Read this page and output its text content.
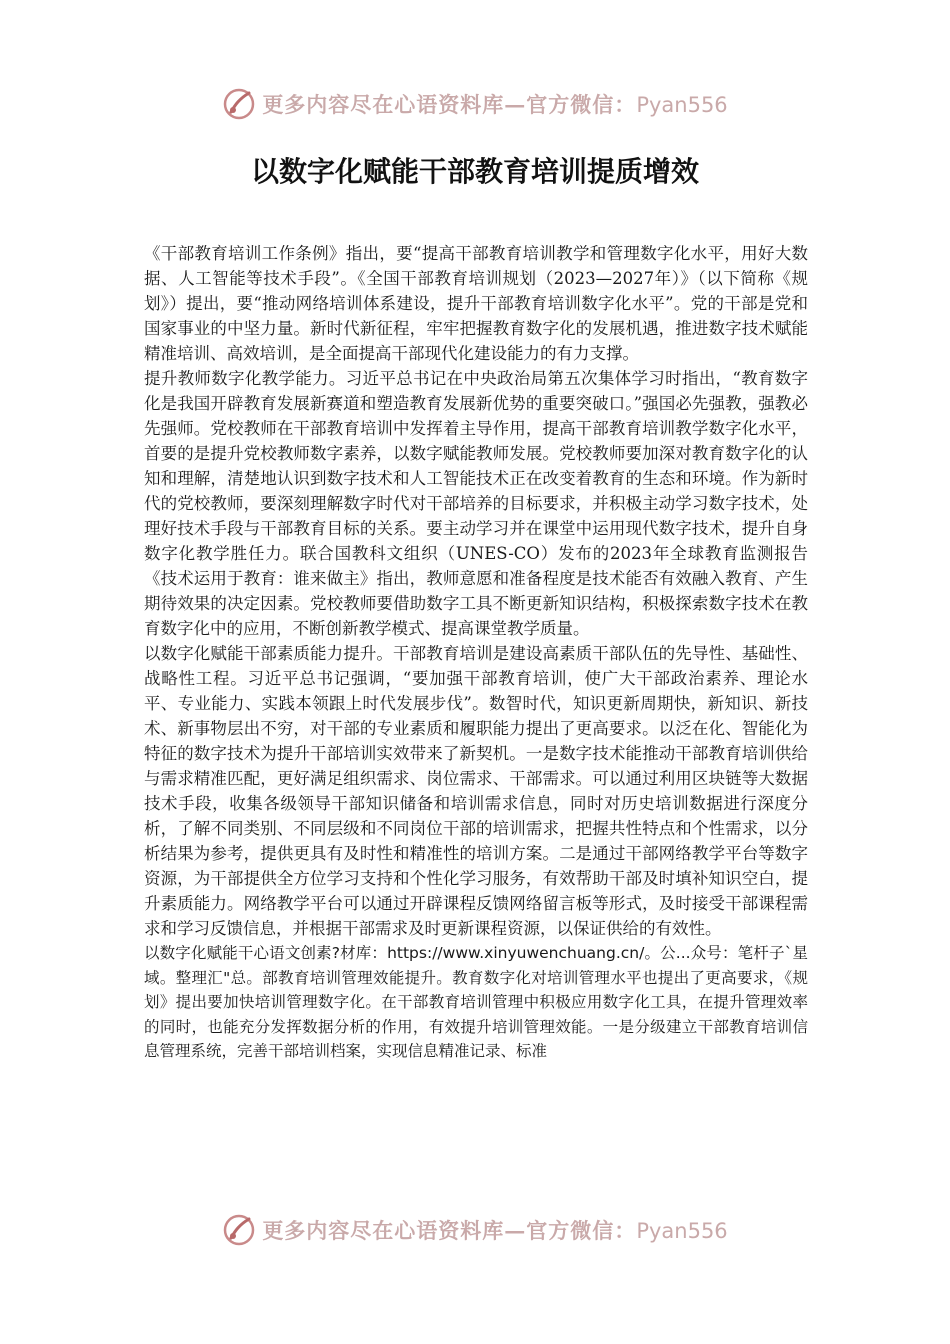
更多内容尽在心语资料库—官方微信：Pyan556
以数字化赋能干部教育培训提质增效

《干部教育培训工作条例》指出，要“提高干部教育培训教学和管理数字化水平，用好大数据、人工智能等技术手段”。《全国干部教育培训规划（2023—2027年）》（以下简称《规划》）提出，要“推动网络培训体系建设，提升干部教育培训数字化水平”。党的干部是党和国家事业的中坚力量。新时代新征程，牢牢把握教育数字化的发展机遇，推进数字技术赋能精准培训、高效培训，是全面提高干部现代化建设能力的有力支撑。

提升教师数字化教学能力。习近平总书记在中央政治局第五次集体学习时指出，“教育数字化是我国开辟教育发展新赛道和塑造教育发展新优势的重要突破口。”强国必先强教，强教必先强师。党校教师在干部教育培训中发挥着主导作用，提高干部教育培训教学数字化水平，首要的是提升党校教师数字素养，以数字赋能教师发展。党校教师要加深对教育数字化的认知和理解，清楚地认识到数字技术和人工智能技术正在改变着教育的生态和环境。作为新时代的党校教师，要深刻理解数字时代对干部培养的目标要求，并积极主动学习数字技术，处理好技术手段与干部教育目标的关系。要主动学习并在课堂中运用现代数字技术，提升自身数字化教学胜任力。联合国教科文组织（UNES-CO）发布的2023年全球教育监测报告《技术运用于教育：谁来做主》指出，教师意愿和准备程度是技术能否有效融入教育、产生期待效果的决定因素。党校教师要借助数字工具不断更新知识结构，积极探索数字技术在教育数字化中的应用，不断创新教学模式、提高课堂教学质量。

以数字化赋能干部素质能力提升。干部教育培训是建设高素质干部队伍的先导性、基础性、战略性工程。习近平总书记强调，“要加强干部教育培训，使广大干部政治素养、理论水平、专业能力、实践本领跟上时代发展步伐”。数智时代，知识更新周期快，新知识、新技术、新事物层出不穷，对干部的专业素质和履职能力提出了更高要求。以泛在化、智能化为特征的数字技术为提升干部培训实效带来了新契机。一是数字技术能推动干部教育培训供给与需求精准匹配，更好满足组织需求、岗位需求、干部需求。可以通过利用区块链等大数据技术手段，收集各级领导干部知识储备和培训需求信息，同时对历史培训数据进行深度分析，了解不同类别、不同层级和不同岗位干部的培训需求，把握共性特点和个性需求，以分析结果为参考，提供更具有及时性和精准性的培训方案。二是通过干部网络教学平台等数字资源，为干部提供全方位学习支持和个性化学习服务，有效帮助干部及时填补知识空白，提升素质能力。网络教学平台可以通过开辟课程反馈网络留言板等形式，及时接受干部课程需求和学习反馈信息，并根据干部需求及时更新课程资源，以保证供给的有效性。

以数字化赋能干心语文创素?材库：https://www.xinyuwenchuang.cn/。公...众号：笔杆子`星域。整理汇"总。部教育培训管理效能提升。教育数字化对培训管理水平也提出了更高要求，《规划》提出要加快培训管理数字化。在干部教育培训管理中积极应用数字化工具，在提升管理效率的同时，也能充分发挥数据分析的作用，有效提升培训管理效能。一是分级建立干部教育培训信息管理系统，完善干部培训档案，实现信息精准记录、标准

更多内容尽在心语资料库—官方微信：Pyan556
